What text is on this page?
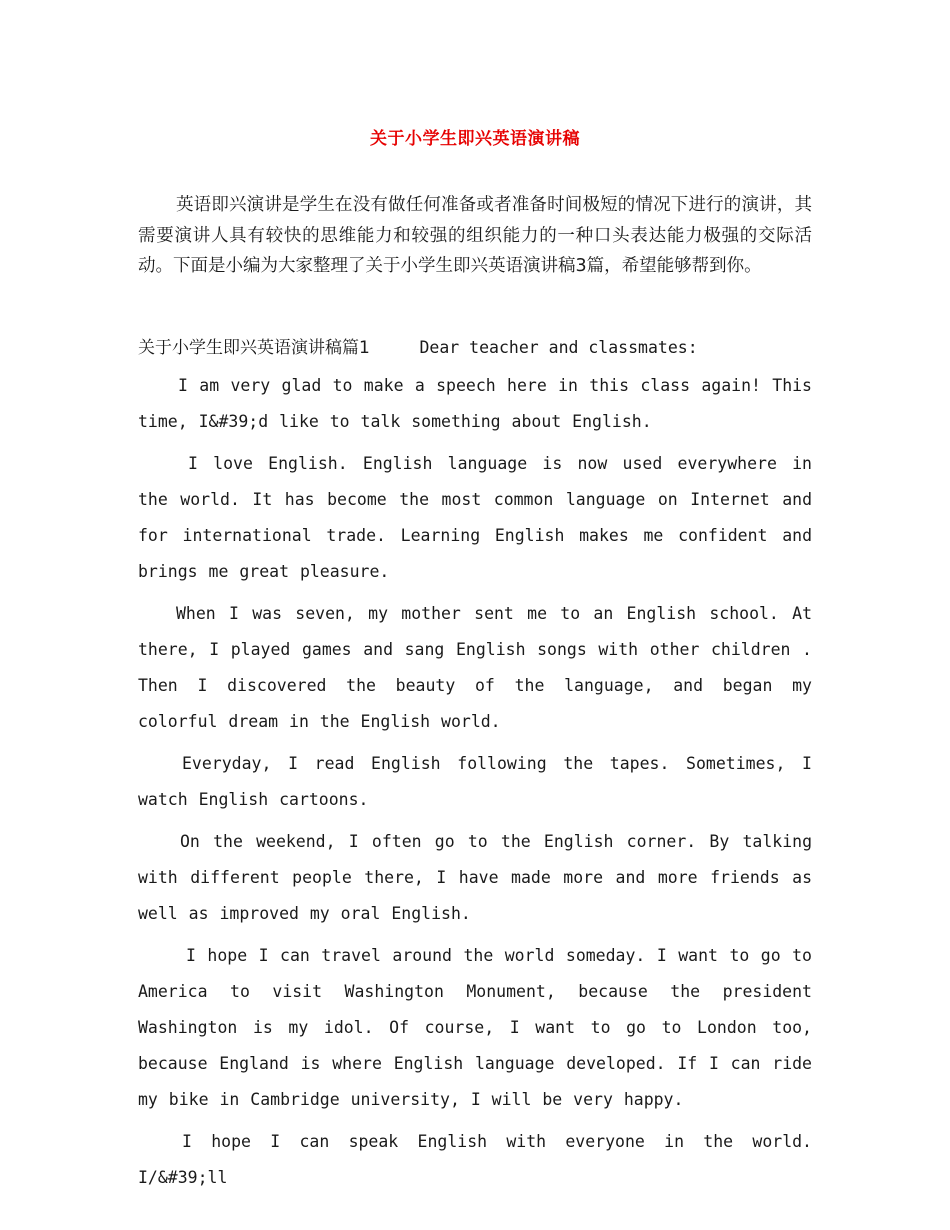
关于小学生即兴英语演讲稿

英语即兴演讲是学生在没有做任何准备或者准备时间极短的情况下进行的演讲，其需要演讲人具有较快的思维能力和较强的组织能力的一种口头表达能力极强的交际活动。下面是小编为大家整理了关于小学生即兴英语演讲稿3篇，希望能够帮到你。

关于小学生即兴英语演讲稿篇1	Dear teacher and classmates:

I am very glad to make a speech here in this class again! This time, I&#39;d like to talk something about English.

I love English. English language is now used everywhere in the world. It has become the most common language on Internet and for international trade. Learning English makes me confident and brings me great pleasure.

When I was seven, my mother sent me to an English school. At there, I played games and sang English songs with other children . Then I discovered the beauty of the language, and began my colorful dream in the English world.

Everyday, I read English following the tapes. Sometimes, I watch English cartoons.

On the weekend, I often go to the English corner. By talking with different people there, I have made more and more friends as well as improved my oral English.

I hope I can travel around the world someday. I want to go to America to visit Washington Monument, because the president Washington is my idol. Of course, I want to go to London too, because England is where English language developed. If I can ride my bike in Cambridge university, I will be very happy.

I hope I can speak English with everyone in the world. I/&#39;ll
